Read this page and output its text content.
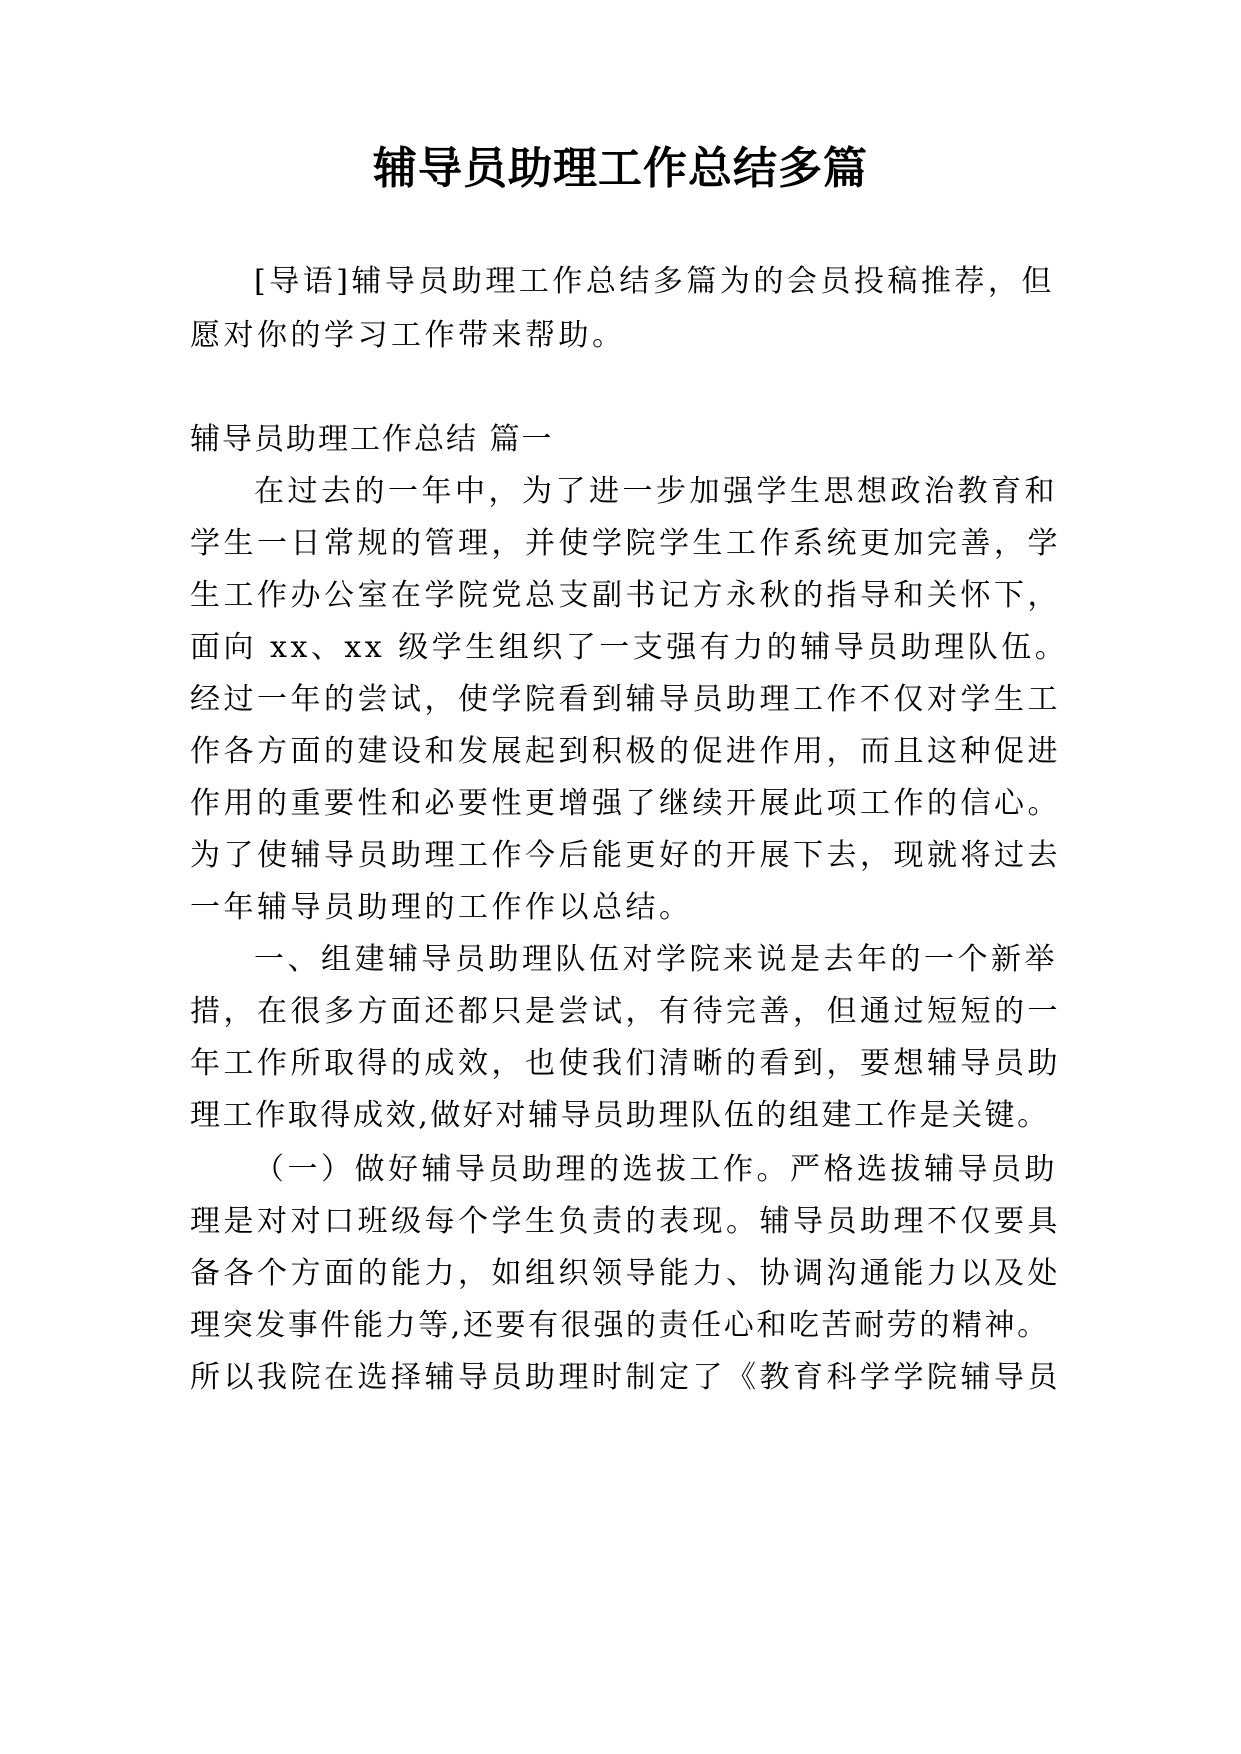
辅导员助理工作总结多篇
[导语]辅导员助理工作总结多篇为的会员投稿推荐，但
愿对你的学习工作带来帮助。
辅导员助理工作总结 篇一
在过去的一年中，为了进一步加强学生思想政治教育和
学生一日常规的管理，并使学院学生工作系统更加完善，学
生工作办公室在学院党总支副书记方永秋的指导和关怀下，
面向 xx、xx 级学生组织了一支强有力的辅导员助理队伍。
经过一年的尝试，使学院看到辅导员助理工作不仅对学生工
作各方面的建设和发展起到积极的促进作用，而且这种促进
作用的重要性和必要性更增强了继续开展此项工作的信心。
为了使辅导员助理工作今后能更好的开展下去，现就将过去
一年辅导员助理的工作作以总结。
一、组建辅导员助理队伍对学院来说是去年的一个新举
措，在很多方面还都只是尝试，有待完善，但通过短短的一
年工作所取得的成效，也使我们清晰的看到，要想辅导员助
理工作取得成效,做好对辅导员助理队伍的组建工作是关键。
（一）做好辅导员助理的选拔工作。严格选拔辅导员助
理是对对口班级每个学生负责的表现。辅导员助理不仅要具
备各个方面的能力，如组织领导能力、协调沟通能力以及处
理突发事件能力等,还要有很强的责任心和吃苦耐劳的精神。
所以我院在选择辅导员助理时制定了《教育科学学院辅导员
